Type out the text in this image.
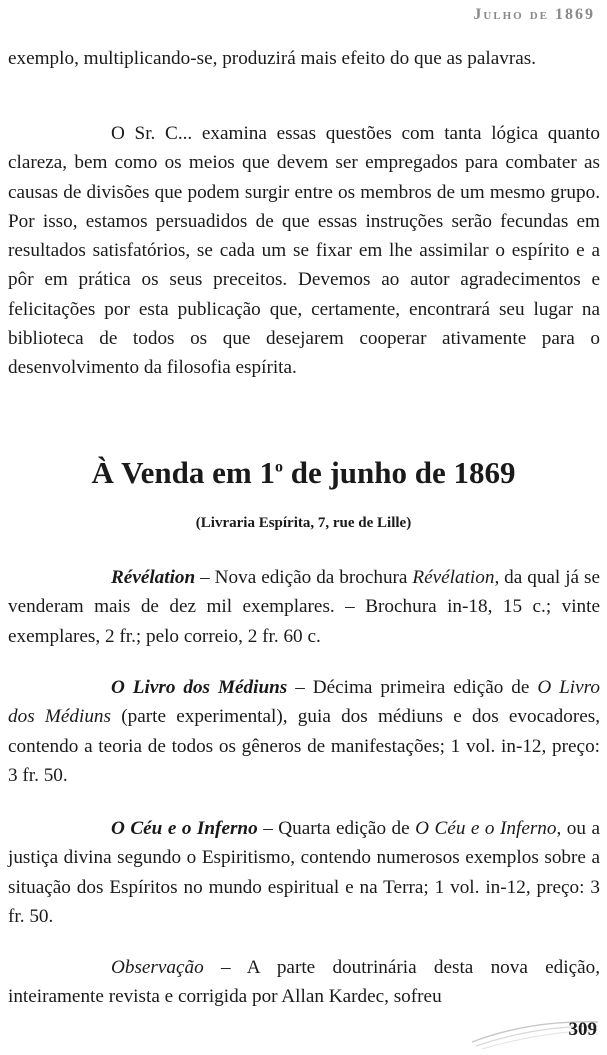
Julho de 1869

exemplo, multiplicando-se, produzirá mais efeito do que as palavras.

O Sr. C... examina essas questões com tanta lógica quanto clareza, bem como os meios que devem ser empregados para combater as causas de divisões que podem surgir entre os membros de um mesmo grupo. Por isso, estamos persuadidos de que essas instruções serão fecundas em resultados satisfatórios, se cada um se fixar em lhe assimilar o espírito e a pôr em prática os seus preceitos. Devemos ao autor agradecimentos e felicitações por esta publicação que, certamente, encontrará seu lugar na biblioteca de todos os que desejarem cooperar ativamente para o desenvolvimento da filosofia espírita.

À Venda em 1$^o$ de junho de 1869

(Livraria Espírita, 7, rue de Lille)

Révélation – Nova edição da brochura Révélation, da qual já se venderam mais de dez mil exemplares. – Brochura in-18, 15 c.; vinte exemplares, 2 fr.; pelo correio, 2 fr. 60 c.

O Livro dos Médiuns – Décima primeira edição de O Livro dos Médiuns (parte experimental), guia dos médiuns e dos evocadores, contendo a teoria de todos os gêneros de manifestações; 1 vol. in-12, preço: 3 fr. 50.

O Céu e o Inferno – Quarta edição de O Céu e o Inferno, ou a justiça divina segundo o Espiritismo, contendo numerosos exemplos sobre a situação dos Espíritos no mundo espiritual e na Terra; 1 vol. in-12, preço: 3 fr. 50.

Observação – A parte doutrinária desta nova edição, inteiramente revista e corrigida por Allan Kardec, sofreu

309
